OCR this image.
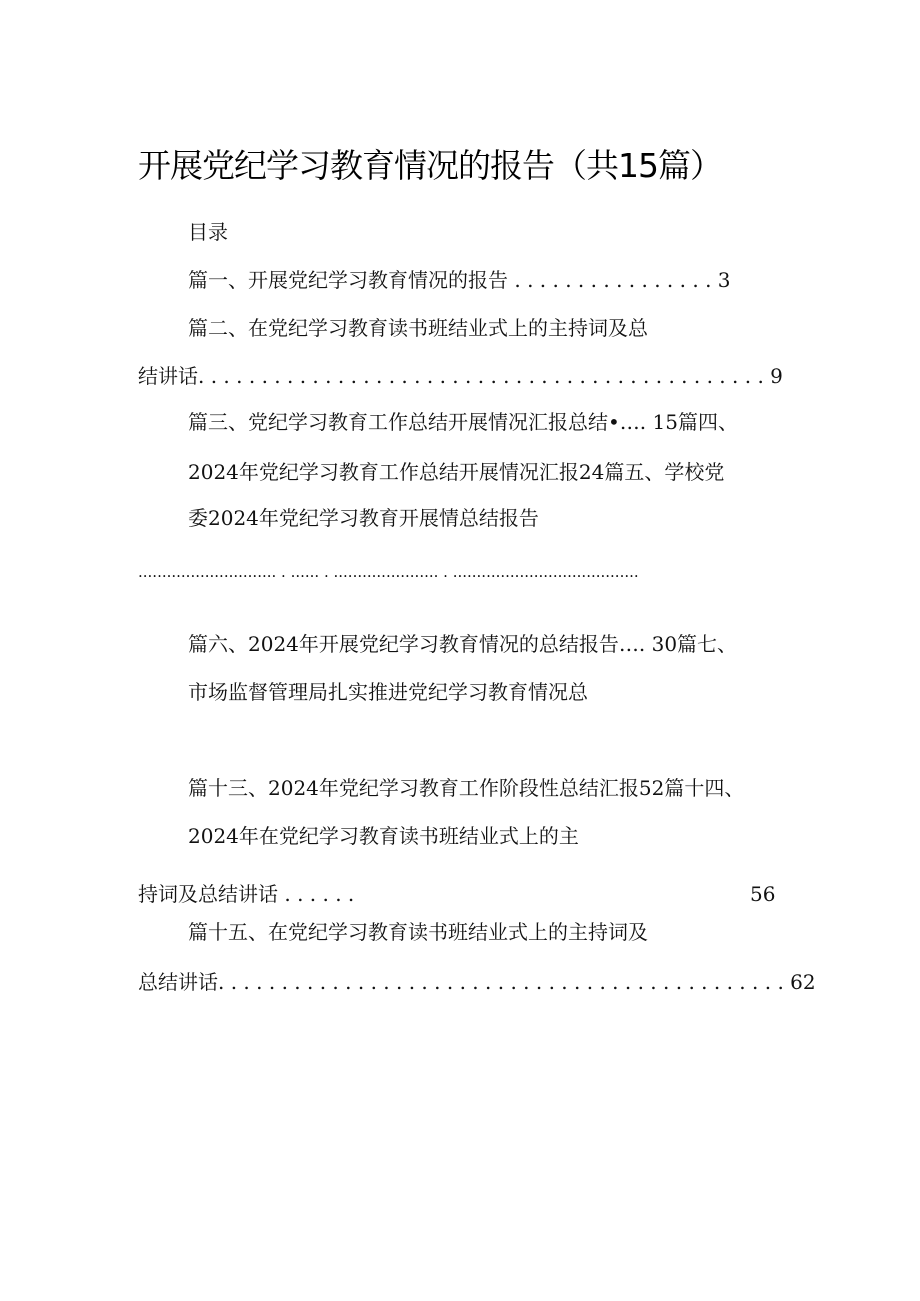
开展党纪学习教育情况的报告（共15篇）
目录
篇一、开展党纪学习教育情况的报告 . . . . . . . . . . . . . . . . 3
篇二、在党纪学习教育读书班结业式上的主持词及总
结讲话. . . . . . . . . . . . . . . . . . . . . . . . . . . . . . . . . . . . . . . . . . . . . 9
篇三、党纪学习教育工作总结开展情况汇报总结•…. 15篇四、
2024年党纪学习教育工作总结开展情况汇报24篇五、学校党
委2024年党纪学习教育开展情总结报告
............................. . ...... . ...................... . .......................................
篇六、2024年开展党纪学习教育情况的总结报告…. 30篇七、
市场监督管理局扎实推进党纪学习教育情况总
篇十三、2024年党纪学习教育工作阶段性总结汇报52篇十四、
2024年在党纪学习教育读书班结业式上的主
持词及总结讲话 . . . . . .	56
篇十五、在党纪学习教育读书班结业式上的主持词及
总结讲话. . . . . . . . . . . . . . . . . . . . . . . . . . . . . . . . . . . . . . . . . . . . . 62
